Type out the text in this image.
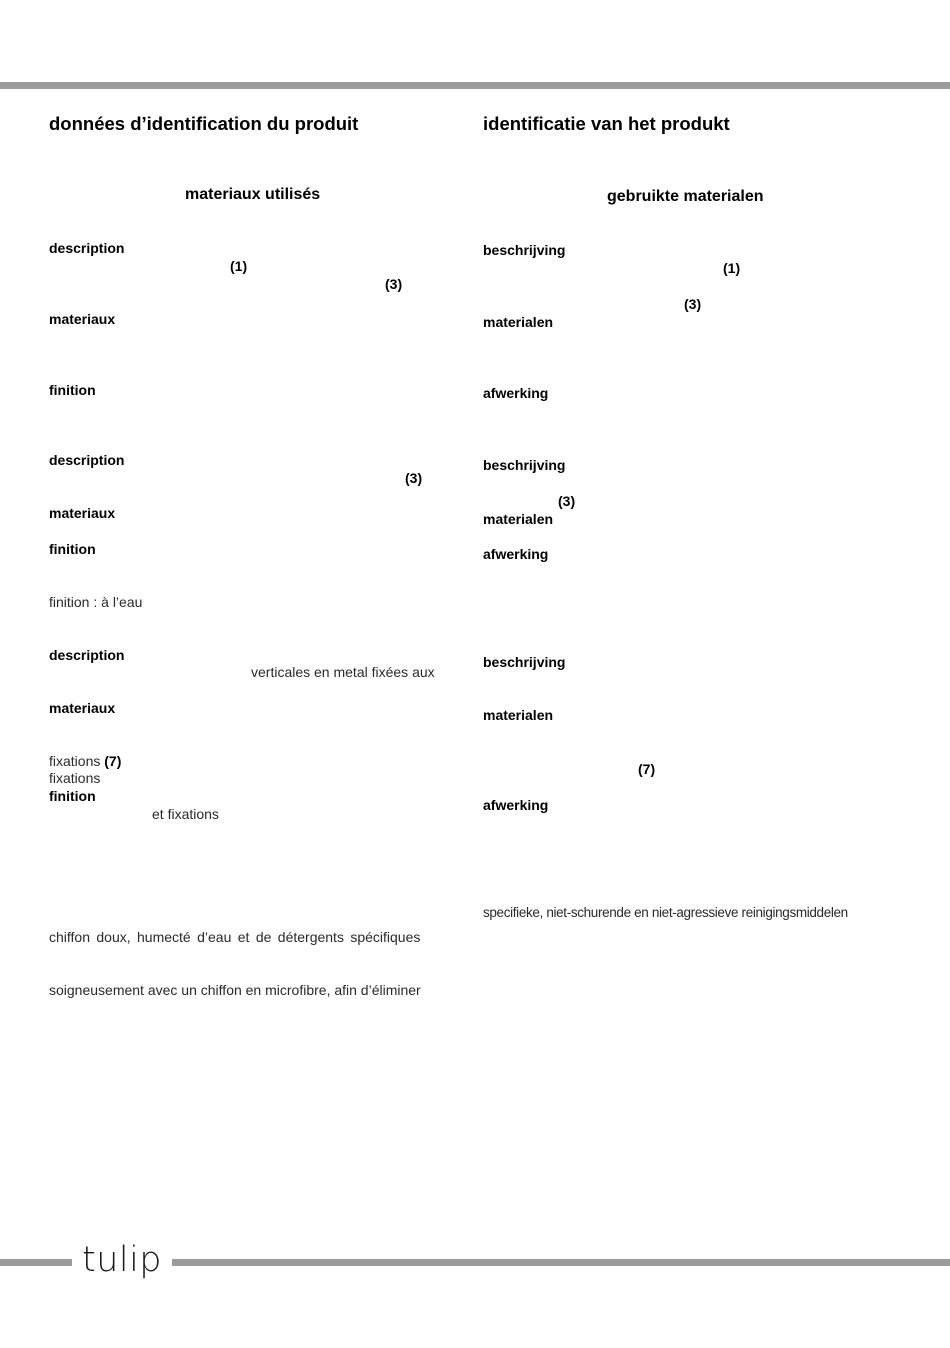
données d’identification du produit
materiaux utilisés
description
(1)
(3)
materiaux
finition
description
(3)
materiaux
finition
finition : à l’eau
description
verticales en metal fixées aux
materiaux
fixations (7)
fixations
finition
et fixations
chiffon doux, humecté d’eau et de détergents spécifiques
soigneusement avec un chiffon en microfibre, afin d’éliminer
identificatie van het produkt
gebruikte materialen
beschrijving
(1)
(3)
materialen
afwerking
beschrijving
(3)
materialen
afwerking
beschrijving
materialen
(7)
afwerking
specifieke, niet-schurende en niet-agressieve reinigingsmiddelen
tulip
